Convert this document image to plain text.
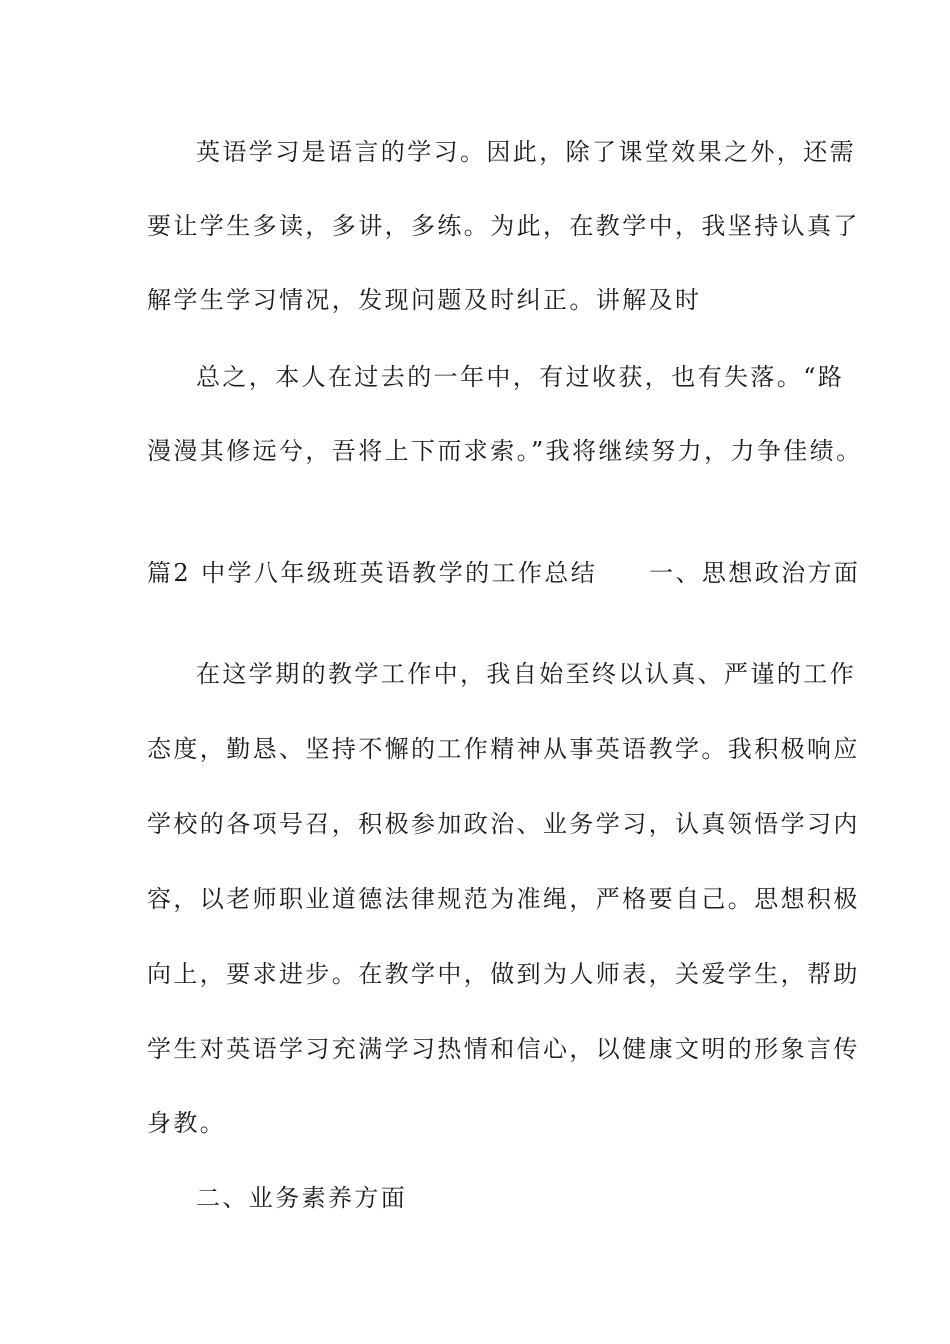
英语学习是语言的学习。因此，除了课堂效果之外，还需
要让学生多读，多讲，多练。为此，在教学中，我坚持认真了
解学生学习情况，发现问题及时纠正。讲解及时
总之，本人在过去的一年中，有过收获，也有失落。“路
漫漫其修远兮，吾将上下而求索。”我将继续努力，力争佳绩。
篇2 中学八年级班英语教学的工作总结 一、思想政治方面
在这学期的教学工作中，我自始至终以认真、严谨的工作
态度，勤恳、坚持不懈的工作精神从事英语教学。我积极响应
学校的各项号召，积极参加政治、业务学习，认真领悟学习内
容，以老师职业道德法律规范为准绳，严格要自己。思想积极
向上，要求进步。在教学中，做到为人师表，关爱学生，帮助
学生对英语学习充满学习热情和信心，以健康文明的形象言传
身教。
二、业务素养方面
